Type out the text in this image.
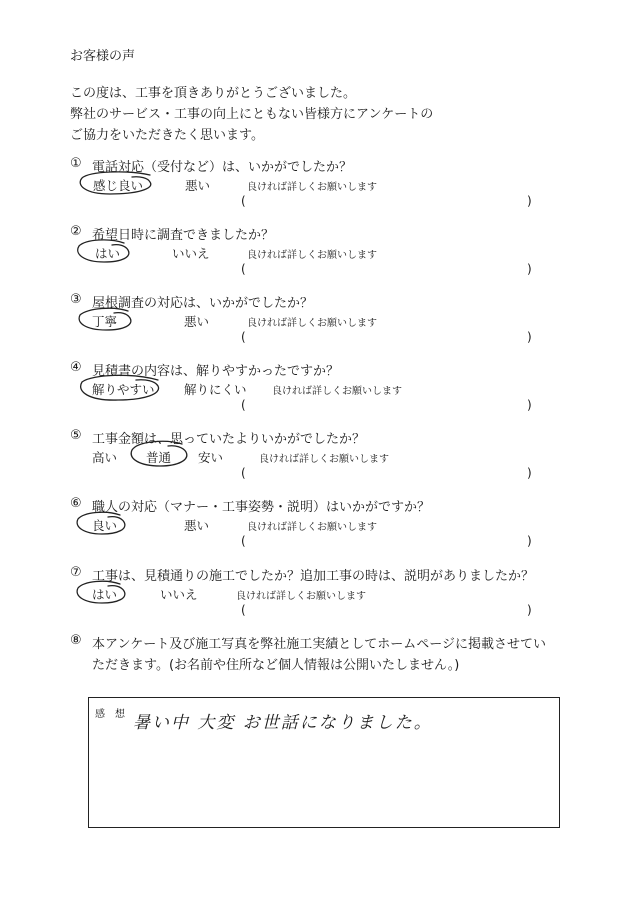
お客様の声
この度は、工事を頂きありがとうございました。
弊社のサービス・工事の向上にともない皆様方にアンケートの
ご協力をいただきたく思います。
① 電話対応（受付など）は、いかがでしたか？
感じ良い	悪い	良ければ詳しくお願いします
(	)
② 希望日時に調査できましたか？
はい	いいえ	良ければ詳しくお願いします
(	)
③ 屋根調査の対応は、いかがでしたか？
丁寧	悪い	良ければ詳しくお願いします
(	)
④ 見積書の内容は、解りやすかったですか？
解りやすい 解りにくい	良ければ詳しくお願いします
(	)
⑤ 工事金額は、思っていたよりいかがでしたか？
高い 普通 安い	良ければ詳しくお願いします
(	)
⑥ 職人の対応（マナー・工事姿勢・説明）はいかがですか？
良い	悪い	良ければ詳しくお願いします
(	)
⑦ 工事は、見積通りの施工でしたか？追加工事の時は、説明がありましたか？
はい	いいえ	良ければ詳しくお願いします
(	)
⑧ 本アンケート及び施工写真を弊社施工実績としてホームページに掲載させてい
ただきます。(お名前や住所など個人情報は公開いたしません。)
感　想 暑い中 大変 お世話になりました。
